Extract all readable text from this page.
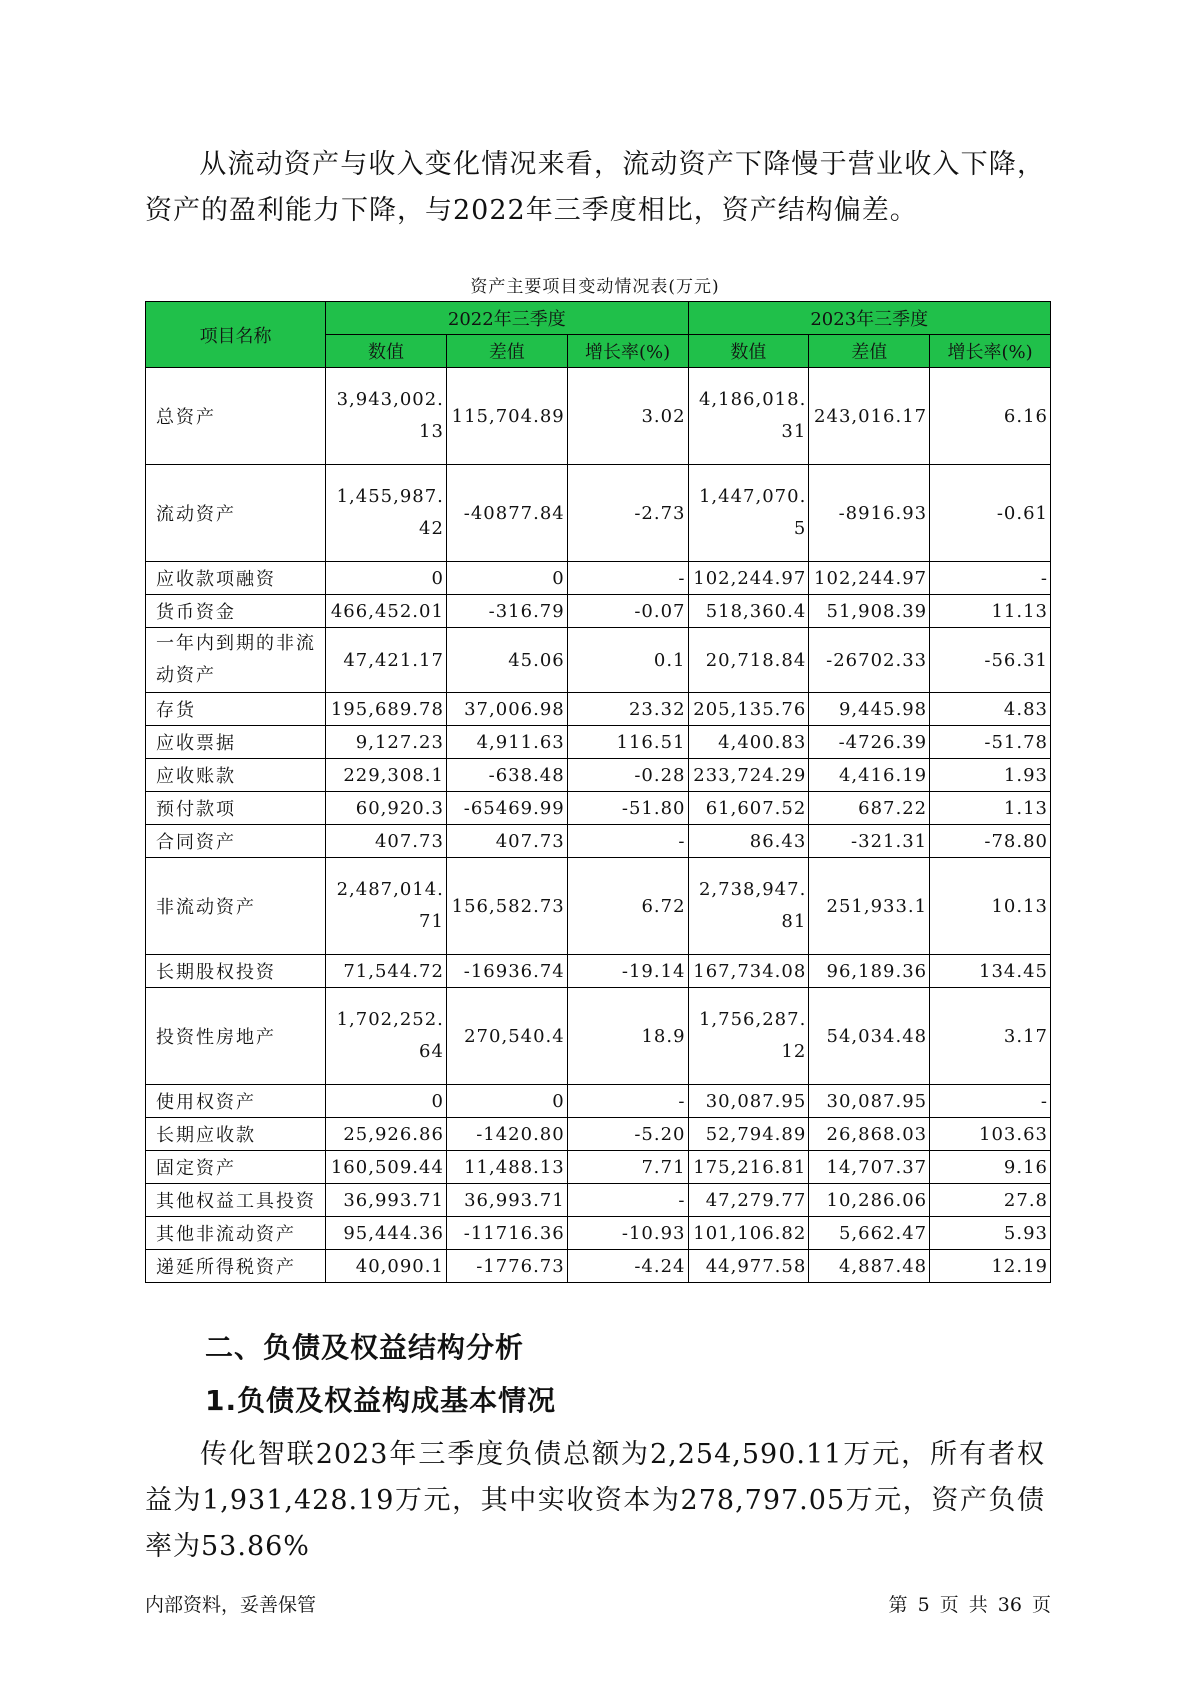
从流动资产与收入变化情况来看，流动资产下降慢于营业收入下降，资产的盈利能力下降，与2022年三季度相比，资产结构偏差。

资产主要项目变动情况表(万元)
项目名称	2022年三季度			2023年三季度		
	数值	差值	增长率(%)	数值	差值	增长率(%)
总资产	3,943,002.13	115,704.89	3.02	4,186,018.31	243,016.17	6.16
流动资产	1,455,987.42	-40877.84	-2.73	1,447,070.5	-8916.93	-0.61
应收款项融资	0	0	-	102,244.97	102,244.97	-
货币资金	466,452.01	-316.79	-0.07	518,360.4	51,908.39	11.13
一年内到期的非流动资产	47,421.17	45.06	0.1	20,718.84	-26702.33	-56.31
存货	195,689.78	37,006.98	23.32	205,135.76	9,445.98	4.83
应收票据	9,127.23	4,911.63	116.51	4,400.83	-4726.39	-51.78
应收账款	229,308.1	-638.48	-0.28	233,724.29	4,416.19	1.93
预付款项	60,920.3	-65469.99	-51.80	61,607.52	687.22	1.13
合同资产	407.73	407.73	-	86.43	-321.31	-78.80
非流动资产	2,487,014.71	156,582.73	6.72	2,738,947.81	251,933.1	10.13
长期股权投资	71,544.72	-16936.74	-19.14	167,734.08	96,189.36	134.45
投资性房地产	1,702,252.64	270,540.4	18.9	1,756,287.12	54,034.48	3.17
使用权资产	0	0	-	30,087.95	30,087.95	-
长期应收款	25,926.86	-1420.80	-5.20	52,794.89	26,868.03	103.63
固定资产	160,509.44	11,488.13	7.71	175,216.81	14,707.37	9.16
其他权益工具投资	36,993.71	36,993.71	-	47,279.77	10,286.06	27.8
其他非流动资产	95,444.36	-11716.36	-10.93	101,106.82	5,662.47	5.93
递延所得税资产	40,090.1	-1776.73	-4.24	44,977.58	4,887.48	12.19
二、负债及权益结构分析
1.负债及权益构成基本情况

传化智联2023年三季度负债总额为2,254,590.11万元，所有者权益为1,931,428.19万元，其中实收资本为278,797.05万元，资产负债率为53.86%

内部资料，妥善保管	第 5 页 共 36 页
